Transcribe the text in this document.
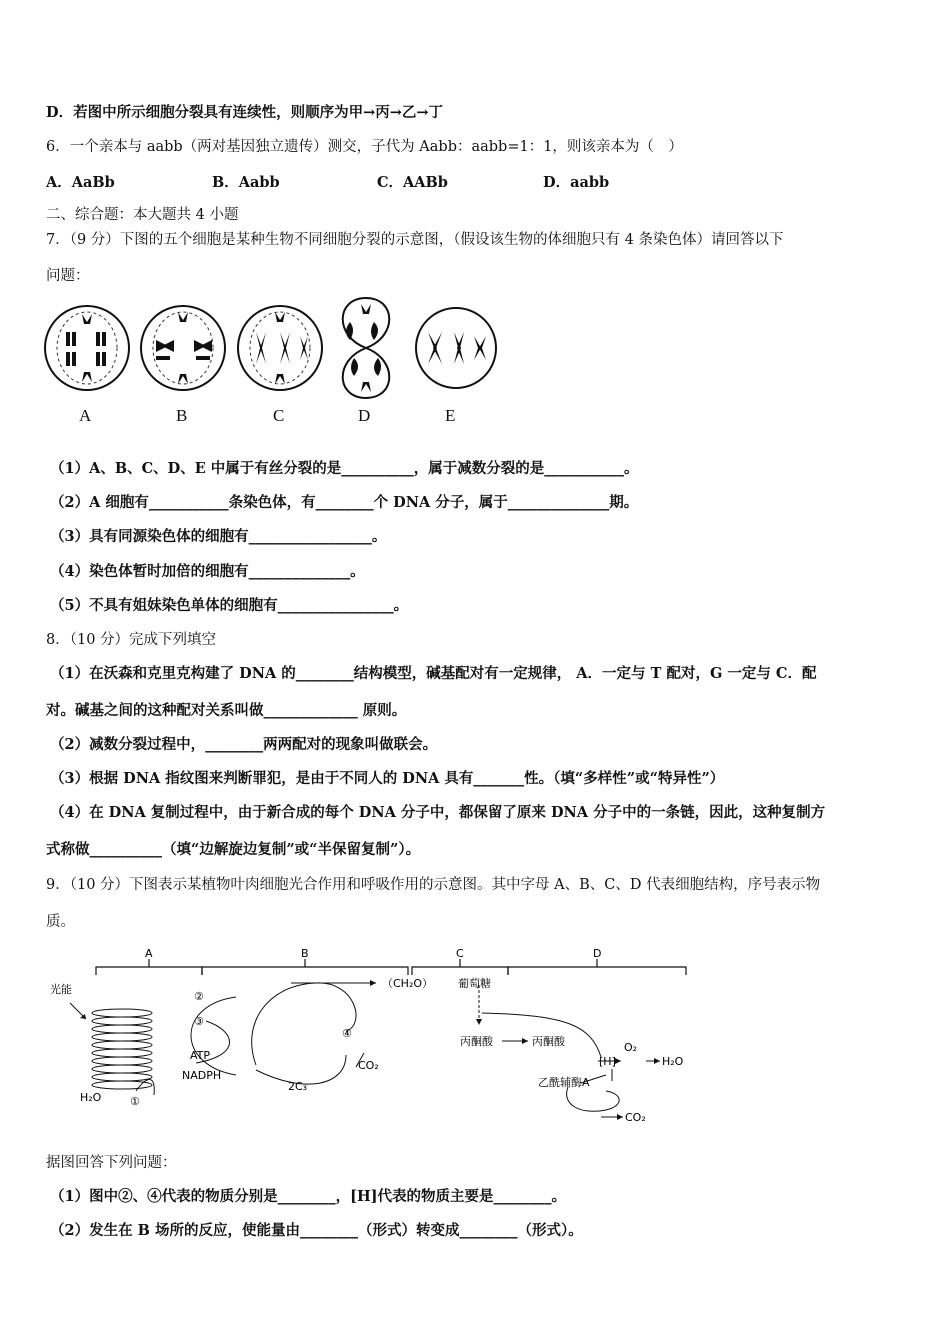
D．若图中所示细胞分裂具有连续性，则顺序为甲→丙→乙→丁
6．一个亲本与 aabb（两对基因独立遗传）测交，子代为 Aabb：aabb=1：1，则该亲本为（　）
A．AaBb	B．Aabb	C．AABb	D．aabb
二、综合题：本大题共 4 小题
7．（9 分）下图的五个细胞是某种生物不同细胞分裂的示意图，（假设该生物的体细胞只有 4 条染色体）请回答以下
问题：
A	B	C	D	E
（1）A、B、C、D、E 中属于有丝分裂的是__________，属于减数分裂的是___________。
（2）A 细胞有___________条染色体，有________个 DNA 分子，属于______________期。
（3）具有同源染色体的细胞有_________________。
（4）染色体暂时加倍的细胞有______________。
（5）不具有姐妹染色单体的细胞有________________。
8．（10 分）完成下列填空
（1）在沃森和克里克构建了 DNA 的________结构模型，碱基配对有一定规律， A．一定与 T 配对，G 一定与 C．配
对。碱基之间的这种配对关系叫做_____________ 原则。
（2）减数分裂过程中，________两两配对的现象叫做联会。
（3）根据 DNA 指纹图来判断罪犯，是由于不同人的 DNA 具有_______性。（填“多样性”或“特异性”）
（4）在 DNA 复制过程中，由于新合成的每个 DNA 分子中，都保留了原来 DNA 分子中的一条链，因此，这种复制方
式称做__________（填“边解旋边复制”或“半保留复制”）。
9．（10 分）下图表示某植物叶肉细胞光合作用和呼吸作用的示意图。其中字母 A、B、C、D 代表细胞结构，序号表示物
质。
A	B	C	D
光能
H₂O	①
②
③
④
ATP
NADPH
2C₃
CO₂
（CH₂O） 葡萄糖
丙酮酸	丙酮酸
[H]
O₂
H₂O
乙酰辅酶A
CO₂
据图回答下列问题：
（1）图中②、④代表的物质分别是________，[H]代表的物质主要是________。
（2）发生在 B 场所的反应，使能量由________（形式）转变成________（形式）。
